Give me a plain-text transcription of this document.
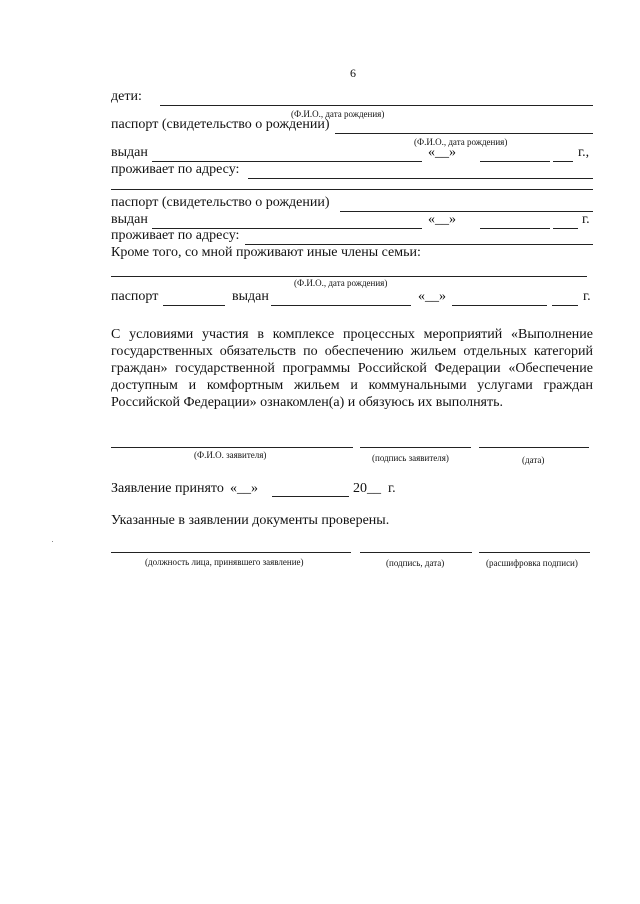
6
дети:
(Ф.И.О., дата рождения)
паспорт (свидетельство о рождении)
(Ф.И.О., дата рождения)
выдан	«__»	г.,
проживает по адресу:
паспорт (свидетельство о рождении)
выдан	«__»	г.
проживает по адресу:
Кроме того, со мной проживают иные члены семьи:
(Ф.И.О., дата рождения)
паспорт	выдан	«__»	г.
С условиями участия в комплексе процессных мероприятий «Выполнение
государственных обязательств по обеспечению жильем отдельных категорий
граждан» государственной программы Российской Федерации «Обеспечение
доступным и комфортным жильем и коммунальными услугами граждан
Российской Федерации» ознакомлен(а) и обязуюсь их выполнять.
(Ф.И.О. заявителя)	(подпись заявителя)	(дата)
Заявление принято «__»	20__ г.
Указанные в заявлении документы проверены.
(должность лица, принявшего заявление)	(подпись, дата)	(расшифровка подписи)
